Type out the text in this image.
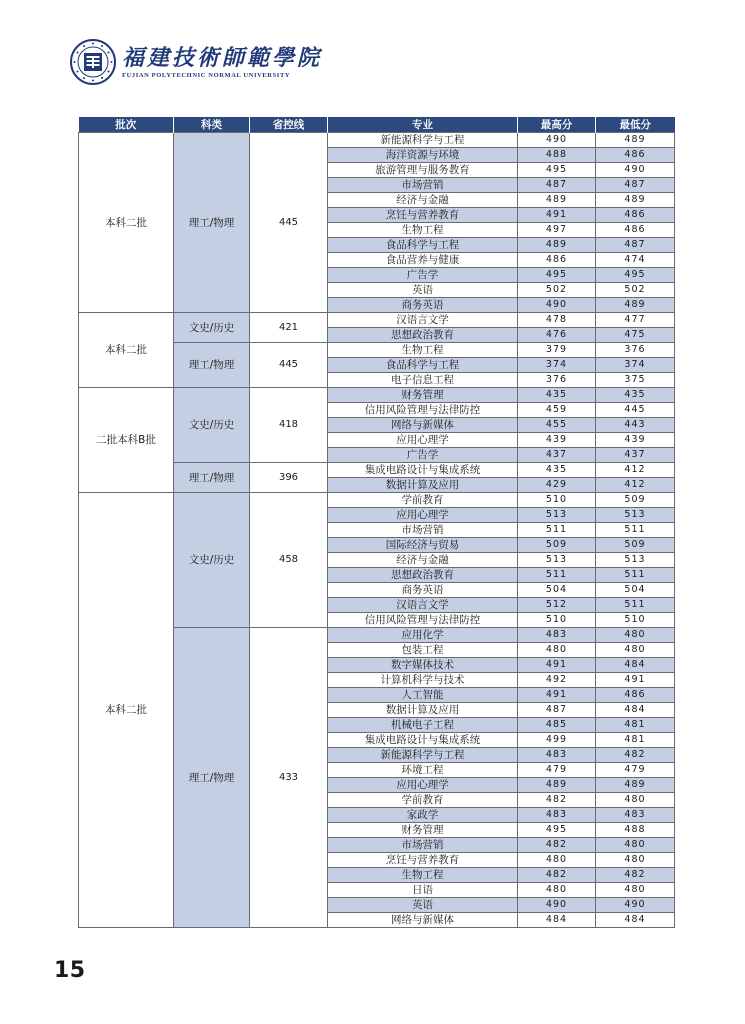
福建技術師範學院
FUJIAN POLYTECHNIC NORMAL UNIVERSITY
批次	科类	省控线	专业	最高分	最低分
本科二批	理工/物理	445	新能源科学与工程	490	489
			海洋资源与环境	488	486
			旅游管理与服务教育	495	490
			市场营销	487	487
			经济与金融	489	489
			烹饪与营养教育	491	486
			生物工程	497	486
			食品科学与工程	489	487
			食品营养与健康	486	474
			广告学	495	495
			英语	502	502
			商务英语	490	489
本科二批	文史/历史	421	汉语言文学	478	477
			思想政治教育	476	475
	理工/物理	445	生物工程	379	376
			食品科学与工程	374	374
			电子信息工程	376	375
二批本科B批	文史/历史	418	财务管理	435	435
			信用风险管理与法律防控	459	445
			网络与新媒体	455	443
			应用心理学	439	439
			广告学	437	437
	理工/物理	396	集成电路设计与集成系统	435	412
			数据计算及应用	429	412
本科二批	文史/历史	458	学前教育	510	509
			应用心理学	513	513
			市场营销	511	511
			国际经济与贸易	509	509
			经济与金融	513	513
			思想政治教育	511	511
			商务英语	504	504
			汉语言文学	512	511
			信用风险管理与法律防控	510	510
	理工/物理	433	应用化学	483	480
			包装工程	480	480
			数字媒体技术	491	484
			计算机科学与技术	492	491
			人工智能	491	486
			数据计算及应用	487	484
			机械电子工程	485	481
			集成电路设计与集成系统	499	481
			新能源科学与工程	483	482
			环境工程	479	479
			应用心理学	489	489
			学前教育	482	480
			家政学	483	483
			财务管理	495	488
			市场营销	482	480
			烹饪与营养教育	480	480
			生物工程	482	482
			日语	480	480
			英语	490	490
			网络与新媒体	484	484
15
